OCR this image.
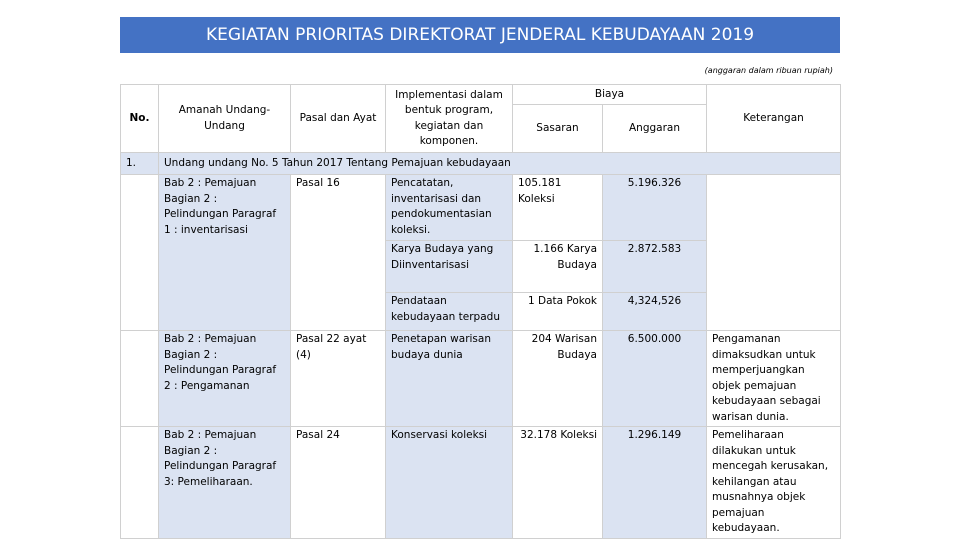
KEGIATAN PRIORITAS DIREKTORAT JENDERAL KEBUDAYAAN 2019
(anggaran dalam ribuan rupiah)
No.	Amanah Undang- Undang	Pasal dan Ayat	Implementasi dalam bentuk program, kegiatan dan komponen.	Biaya		Keterangan
				Sasaran	Anggaran	
1.	Undang undang No. 5 Tahun 2017 Tentang Pemajuan kebudayaan					
	Bab 2 : Pemajuan Bagian 2 : Pelindungan Paragraf 1 : inventarisasi	Pasal 16	Pencatatan, inventarisasi dan pendokumentasian koleksi.	105.181 Koleksi	5.196.326	
			Karya Budaya yang Diinventarisasi	1.166 Karya Budaya	2.872.583	
			Pendataan kebudayaan terpadu	1 Data Pokok	4,324,526	
	Bab 2 : Pemajuan Bagian 2 : Pelindungan Paragraf 2 : Pengamanan	Pasal 22 ayat (4)	Penetapan warisan budaya dunia	204 Warisan Budaya	6.500.000	Pengamanan dimaksudkan untuk memperjuangkan objek pemajuan kebudayaan sebagai warisan dunia.
	Bab 2 : Pemajuan Bagian 2 : Pelindungan Paragraf 3: Pemeliharaan.	Pasal 24	Konservasi koleksi	32.178 Koleksi	1.296.149	Pemeliharaan dilakukan untuk mencegah kerusakan, kehilangan atau musnahnya objek pemajuan kebudayaan.
